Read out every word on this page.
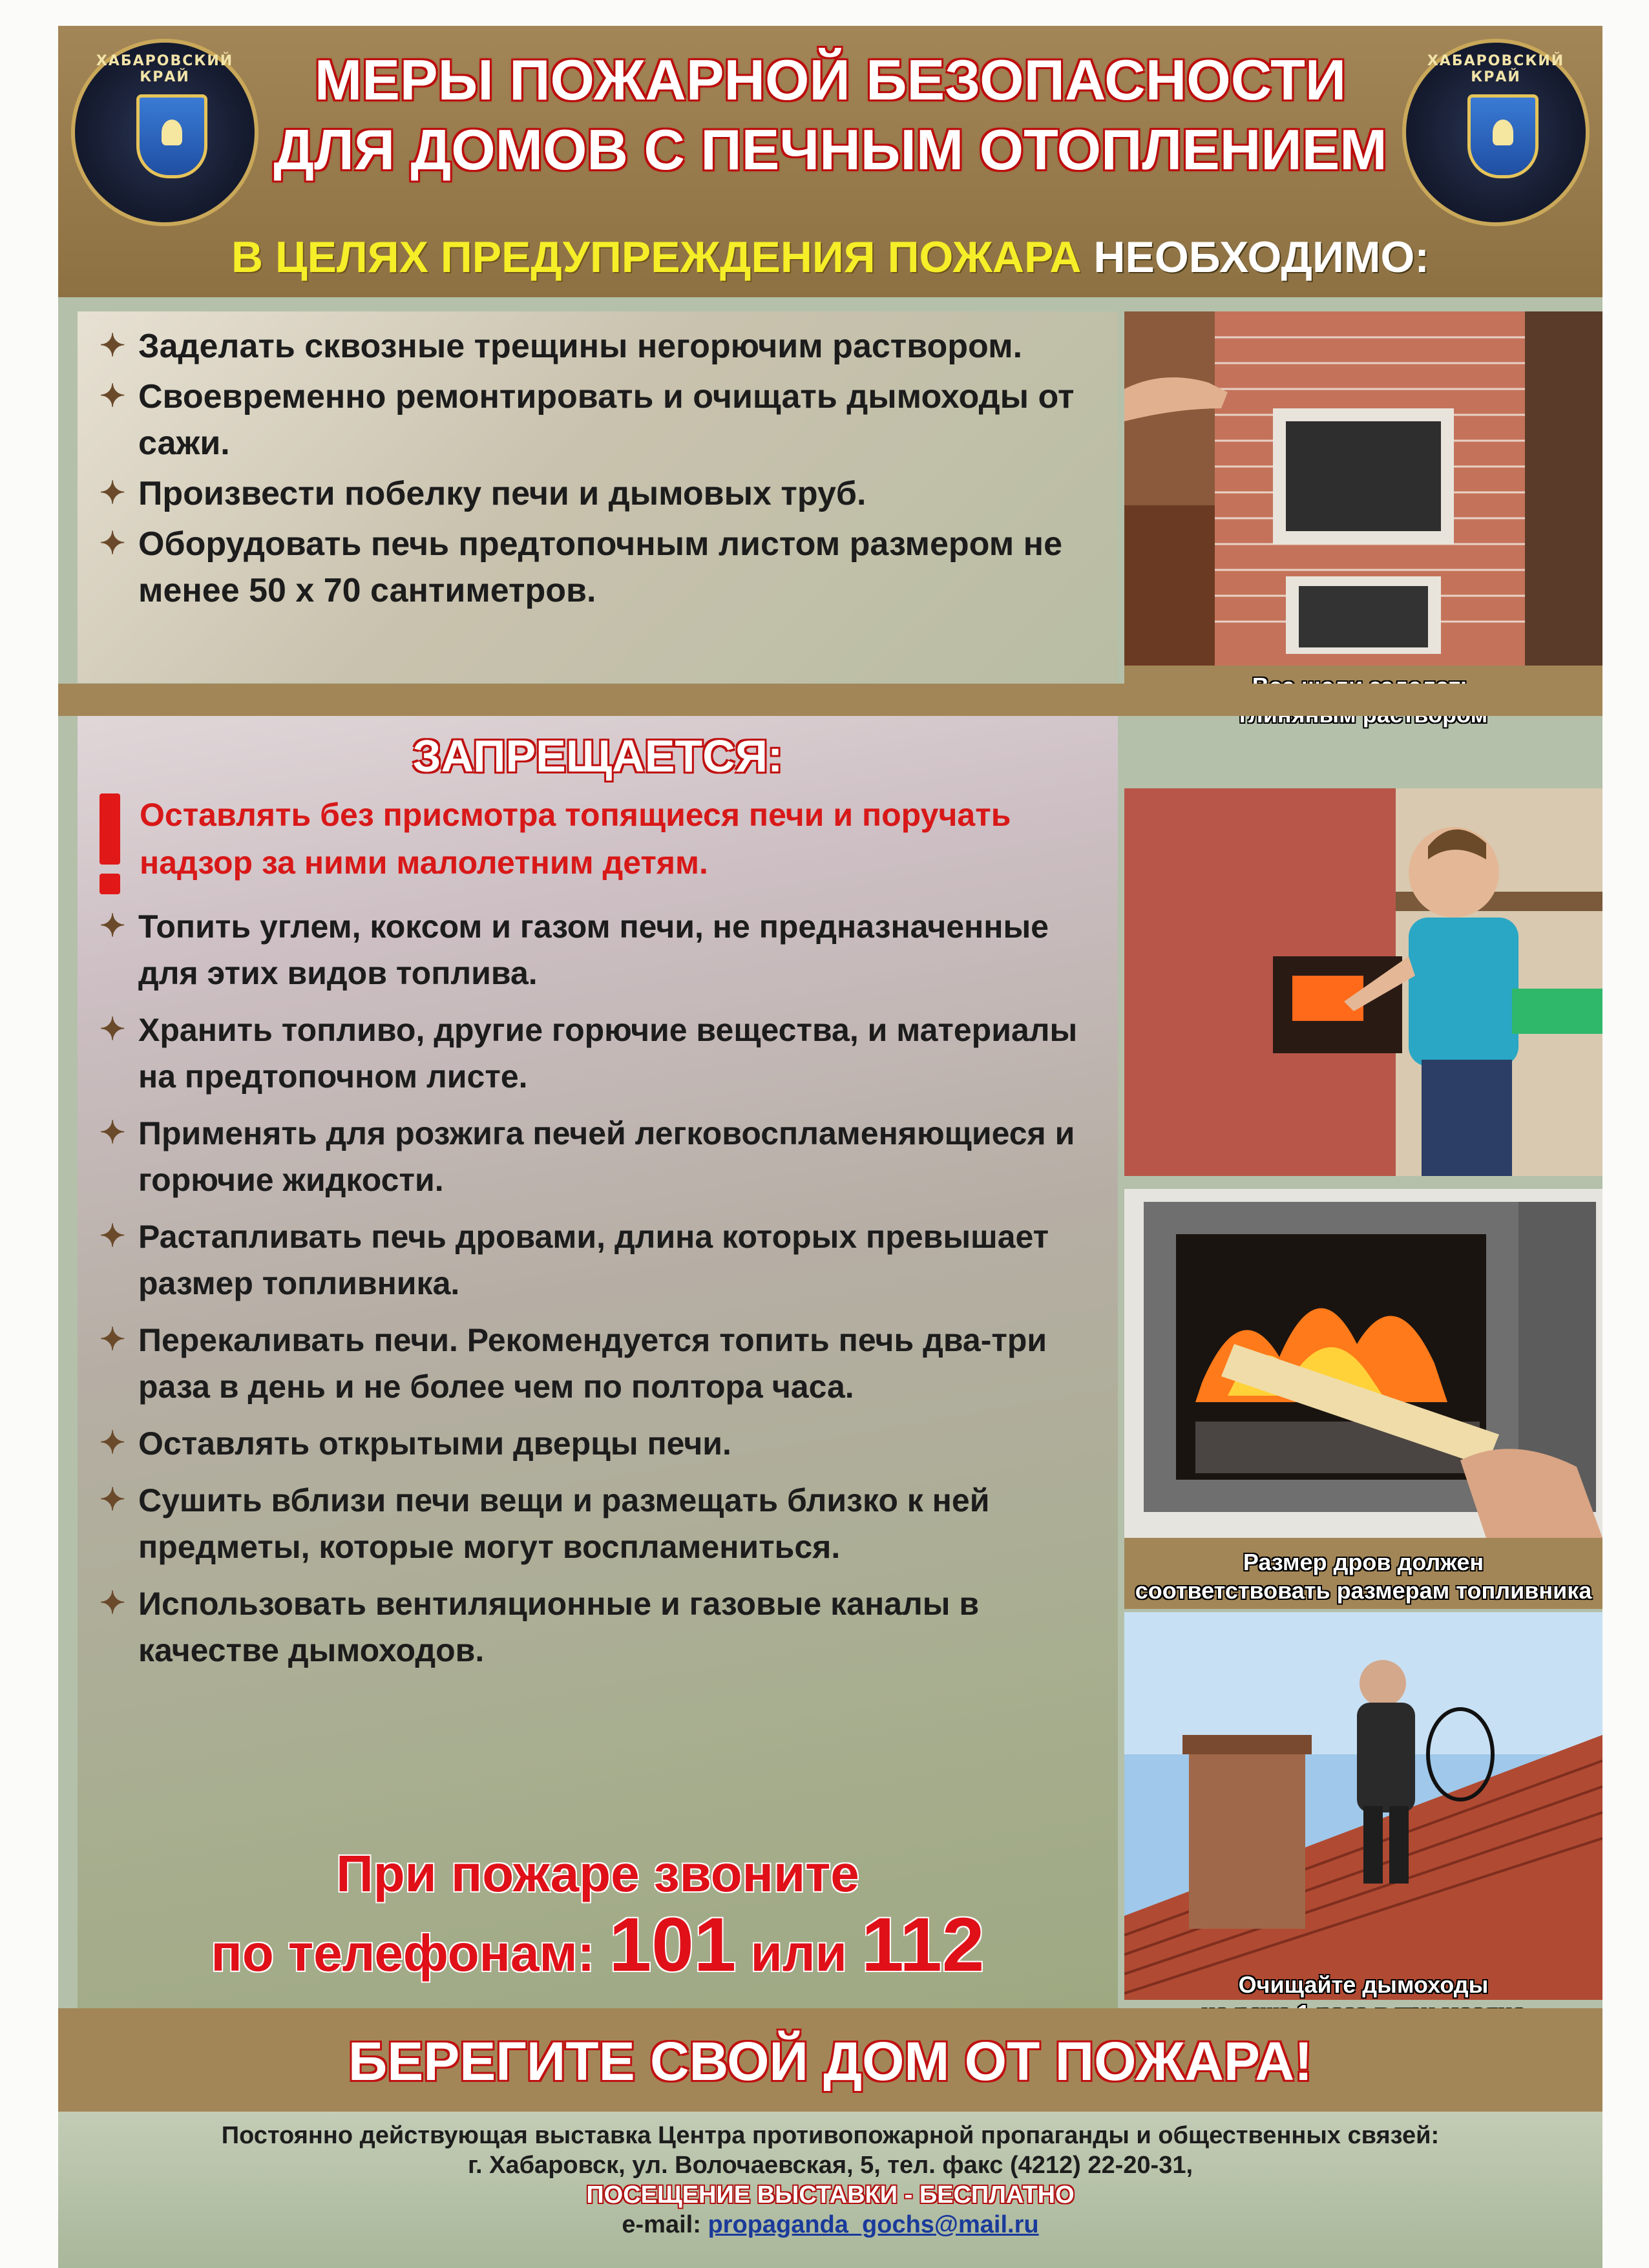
ХАБАРОВСКИЙ КРАЙ	МЕРЫ ПОЖАРНОЙ БЕЗОПАСНОСТИ
ДЛЯ ДОМОВ С ПЕЧНЫМ ОТОПЛЕНИЕМ
ХАБАРОВСКИЙ КРАЙ
В ЦЕЛЯХ ПРЕДУПРЕЖДЕНИЯ ПОЖАРА НЕОБХОДИМО:
✦ Заделать сквозные трещины негорючим раствором.
✦ Своевременно ремонтировать и очищать дымоходы от сажи.
✦ Произвести побелку печи и дымовых труб.
✦ Оборудовать печь предтопочным листом размером не менее 50 х 70 сантиметров.

ЗАПРЕЩАЕТСЯ:

Оставлять без присмотра топящиеся печи и поручать надзор за ними малолетним детям.

✦ Топить углем, коксом и газом печи, не предназначенные для этих видов топлива.
✦ Хранить топливо, другие горючие вещества, и материалы на предтопочном листе.
✦ Применять для розжига печей легковоспламеняющиеся и горючие жидкости.
✦ Растапливать печь дровами, длина которых превышает размер топливника.
✦ Перекаливать печи. Рекомендуется топить печь два-три раза в день и не более чем по полтора часа.
✦ Оставлять открытыми дверцы печи.
✦ Сушить вблизи печи вещи и размещать близко к ней предметы, которые могут воспламениться.
✦ Использовать вентиляционные и газовые каналы в качестве дымоходов.
При пожаре звоните
по телефонам: 101 или 112
Размер дров должен
соответствовать размерам топливника
Очищайте дымоходы

БЕРЕГИТЕ СВОЙ ДОМ ОТ ПОЖАРА!

Постоянно действующая выставка Центра противопожарной пропаганды и общественных связей:

г. Хабаровск, ул. Волочаевская, 5, тел. факс (4212) 22-20-31,

ПОСЕЩЕНИЕ ВЫСТАВКИ - БЕСПЛАТНО

e-mail: propaganda_gochs@mail.ru
